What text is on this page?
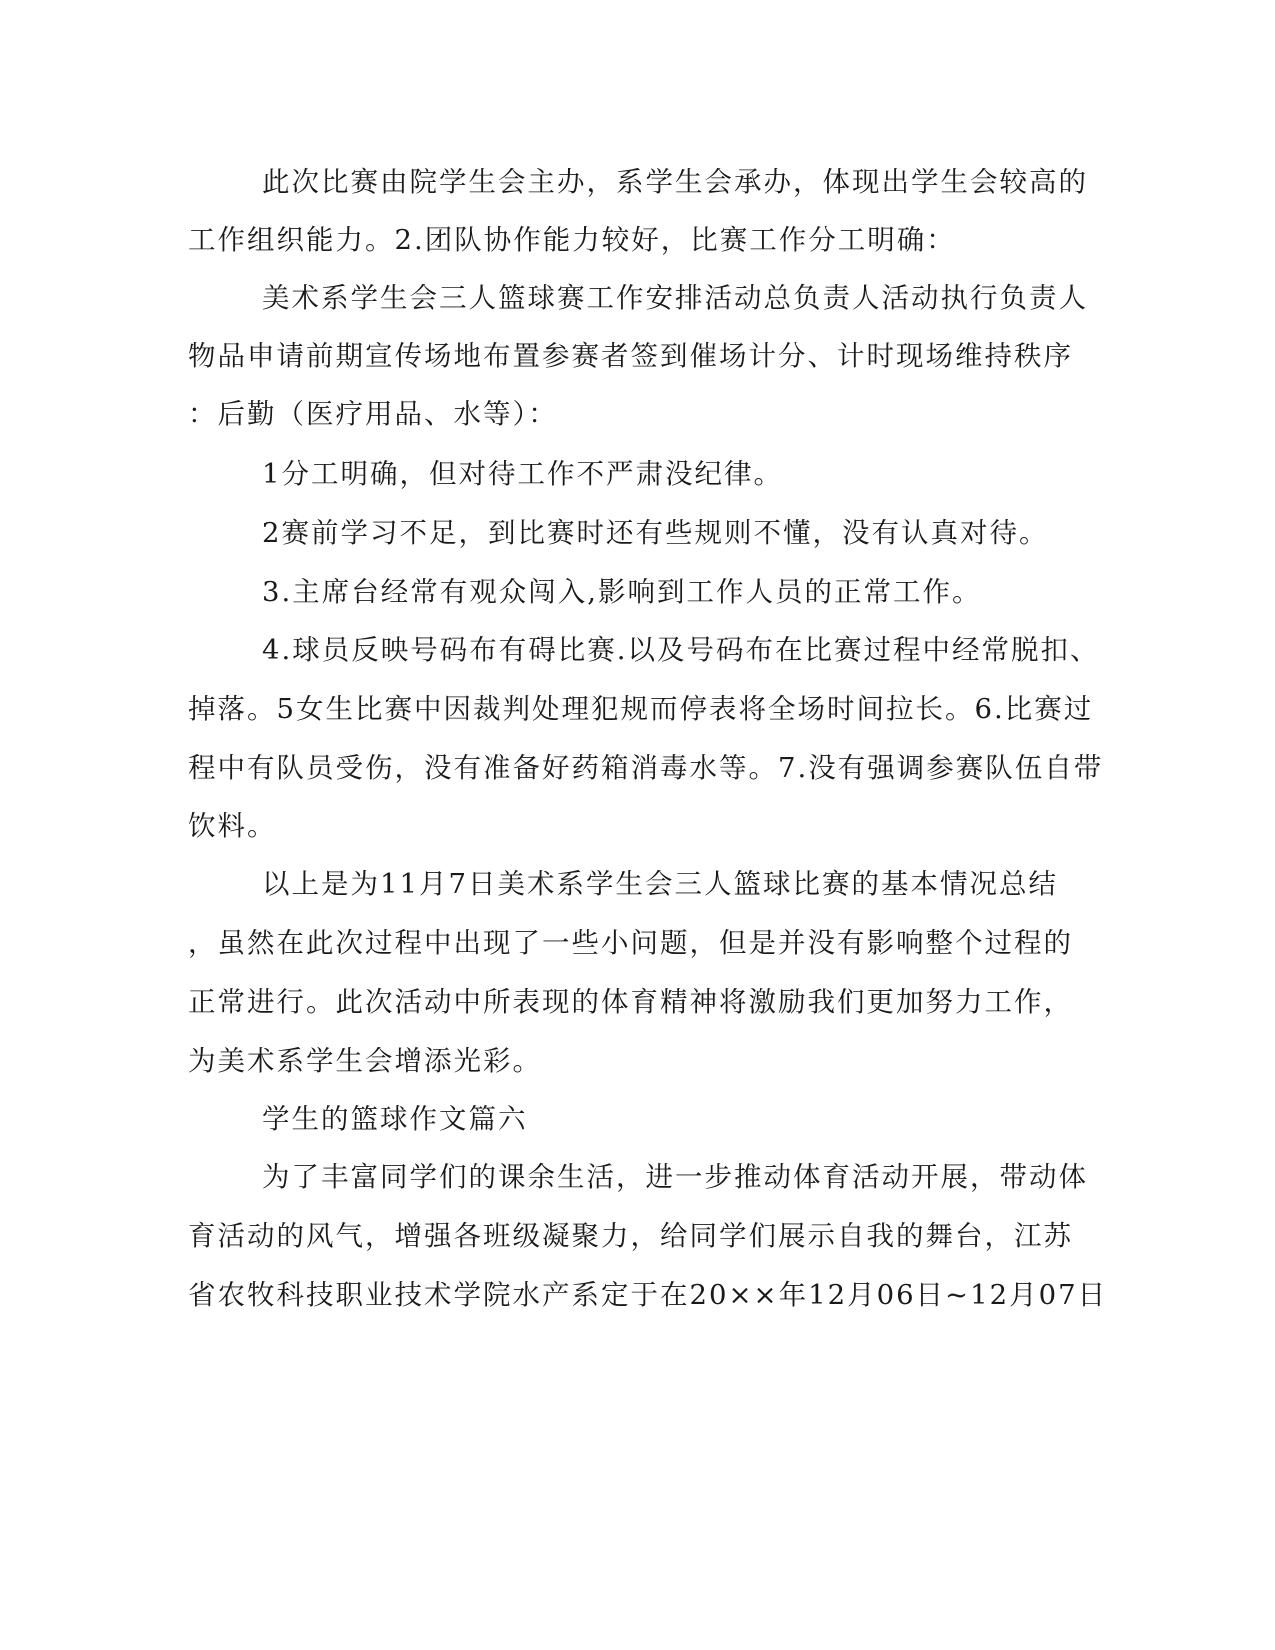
此次比赛由院学生会主办，系学生会承办，体现出学生会较高的
工作组织能力。2.团队协作能力较好，比赛工作分工明确：
美术系学生会三人篮球赛工作安排活动总负责人活动执行负责人
物品申请前期宣传场地布置参赛者签到催场计分、计时现场维持秩序
：后勤（医疗用品、水等）：
1分工明确，但对待工作不严肃没纪律。
2赛前学习不足，到比赛时还有些规则不懂，没有认真对待。
3.主席台经常有观众闯入,影响到工作人员的正常工作。
4.球员反映号码布有碍比赛.以及号码布在比赛过程中经常脱扣、
掉落。5女生比赛中因裁判处理犯规而停表将全场时间拉长。6.比赛过
程中有队员受伤，没有准备好药箱消毒水等。7.没有强调参赛队伍自带
饮料。
以上是为11月7日美术系学生会三人篮球比赛的基本情况总结
，虽然在此次过程中出现了一些小问题，但是并没有影响整个过程的
正常进行。此次活动中所表现的体育精神将激励我们更加努力工作，
为美术系学生会增添光彩。
学生的篮球作文篇六
为了丰富同学们的课余生活，进一步推动体育活动开展，带动体
育活动的风气，增强各班级凝聚力，给同学们展示自我的舞台，江苏
省农牧科技职业技术学院水产系定于在20××年12月06日~12月07日
